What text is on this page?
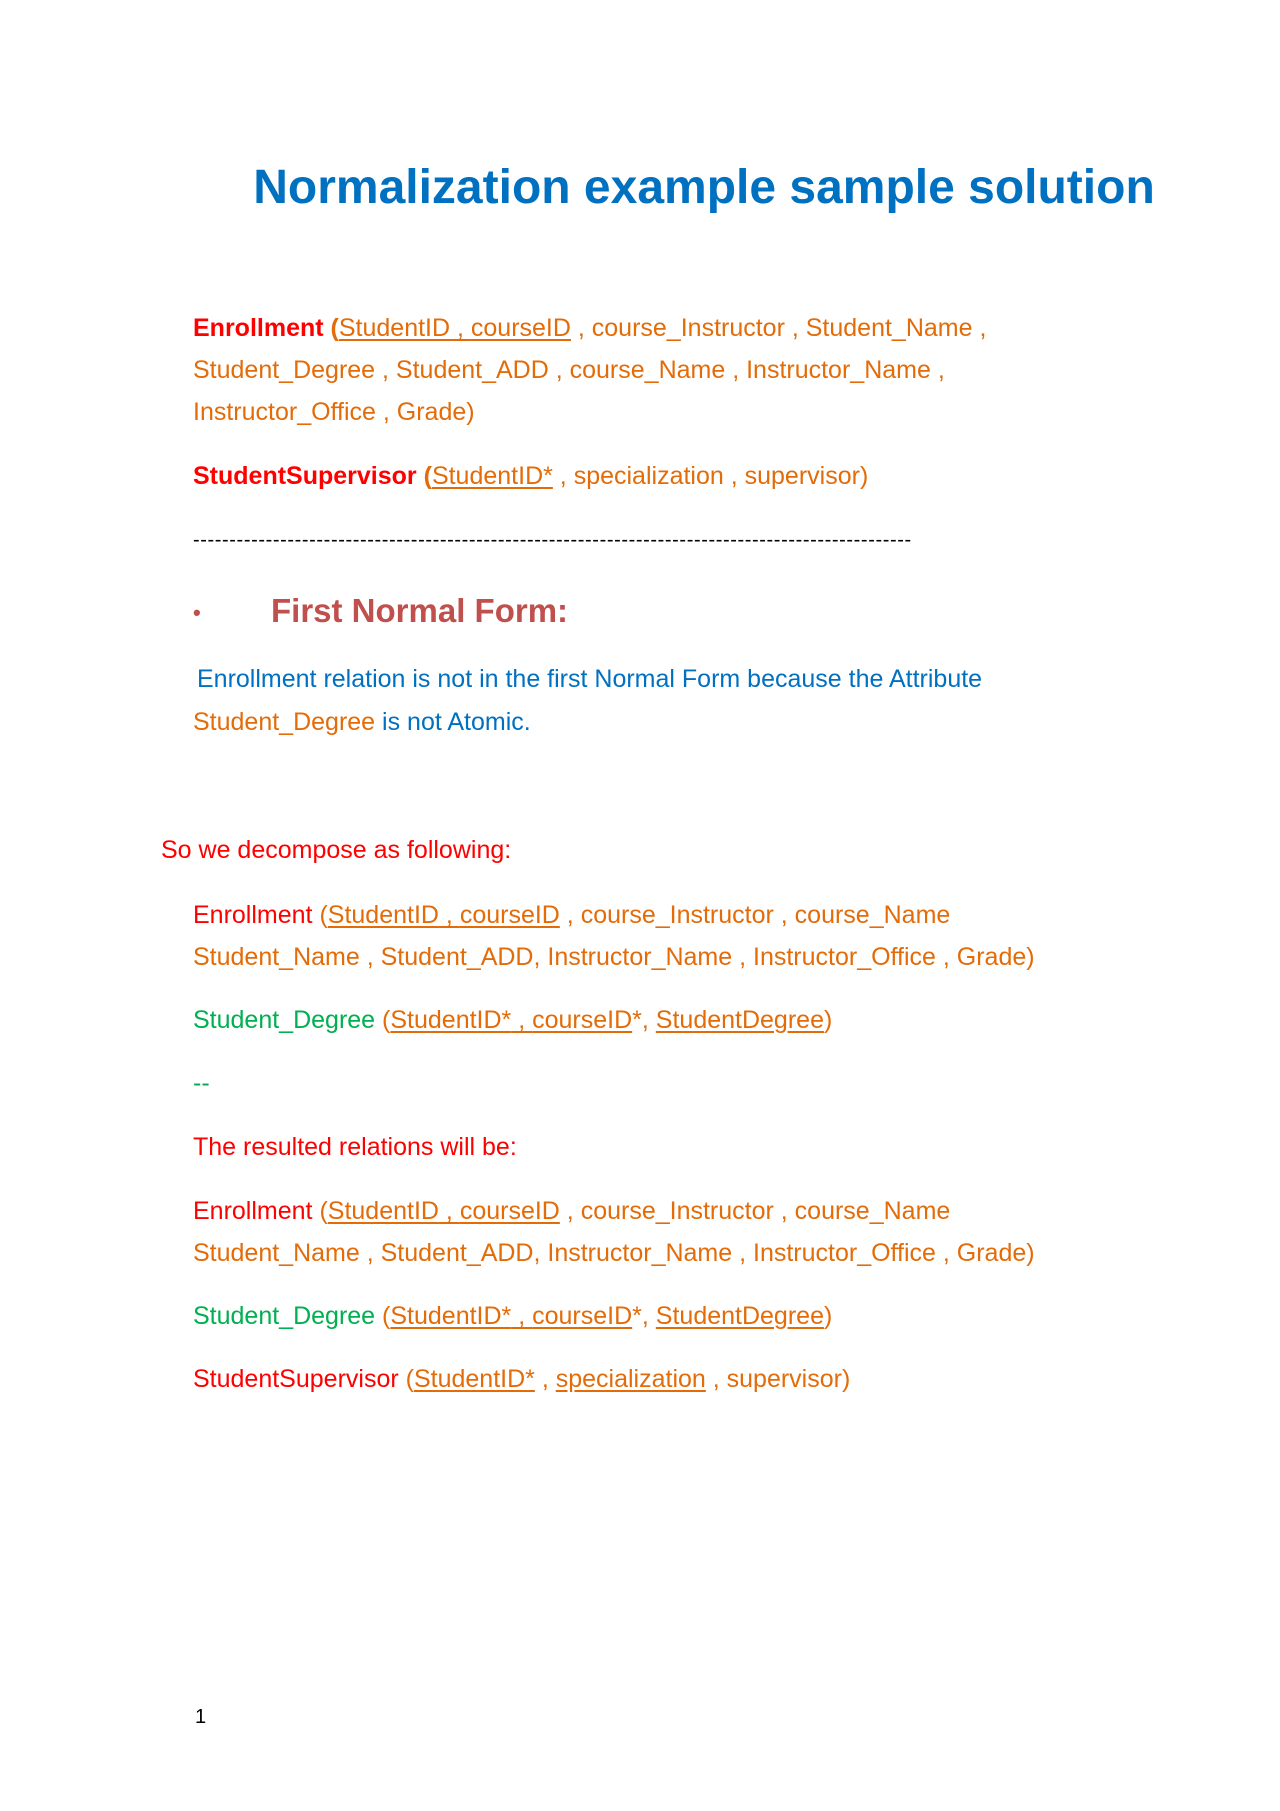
Normalization example sample solution
Enrollment (StudentID , courseID , course_Instructor , Student_Name ,
Student_Degree , Student_ADD , course_Name , Instructor_Name ,
Instructor_Office , Grade)
StudentSupervisor (StudentID* , specialization , supervisor)
---------------------------------------------------------------------------------------------------
• First Normal Form:
Enrollment relation is not in the first Normal Form because the Attribute
Student_Degree is not Atomic.
So we decompose as following:
Enrollment (StudentID , courseID , course_Instructor , course_Name
Student_Name , Student_ADD, Instructor_Name , Instructor_Office , Grade)
Student_Degree (StudentID* , courseID*, StudentDegree)
--
The resulted relations will be:
Enrollment (StudentID , courseID , course_Instructor , course_Name
Student_Name , Student_ADD, Instructor_Name , Instructor_Office , Grade)
Student_Degree (StudentID* , courseID*, StudentDegree)
StudentSupervisor (StudentID* , specialization , supervisor)
1
